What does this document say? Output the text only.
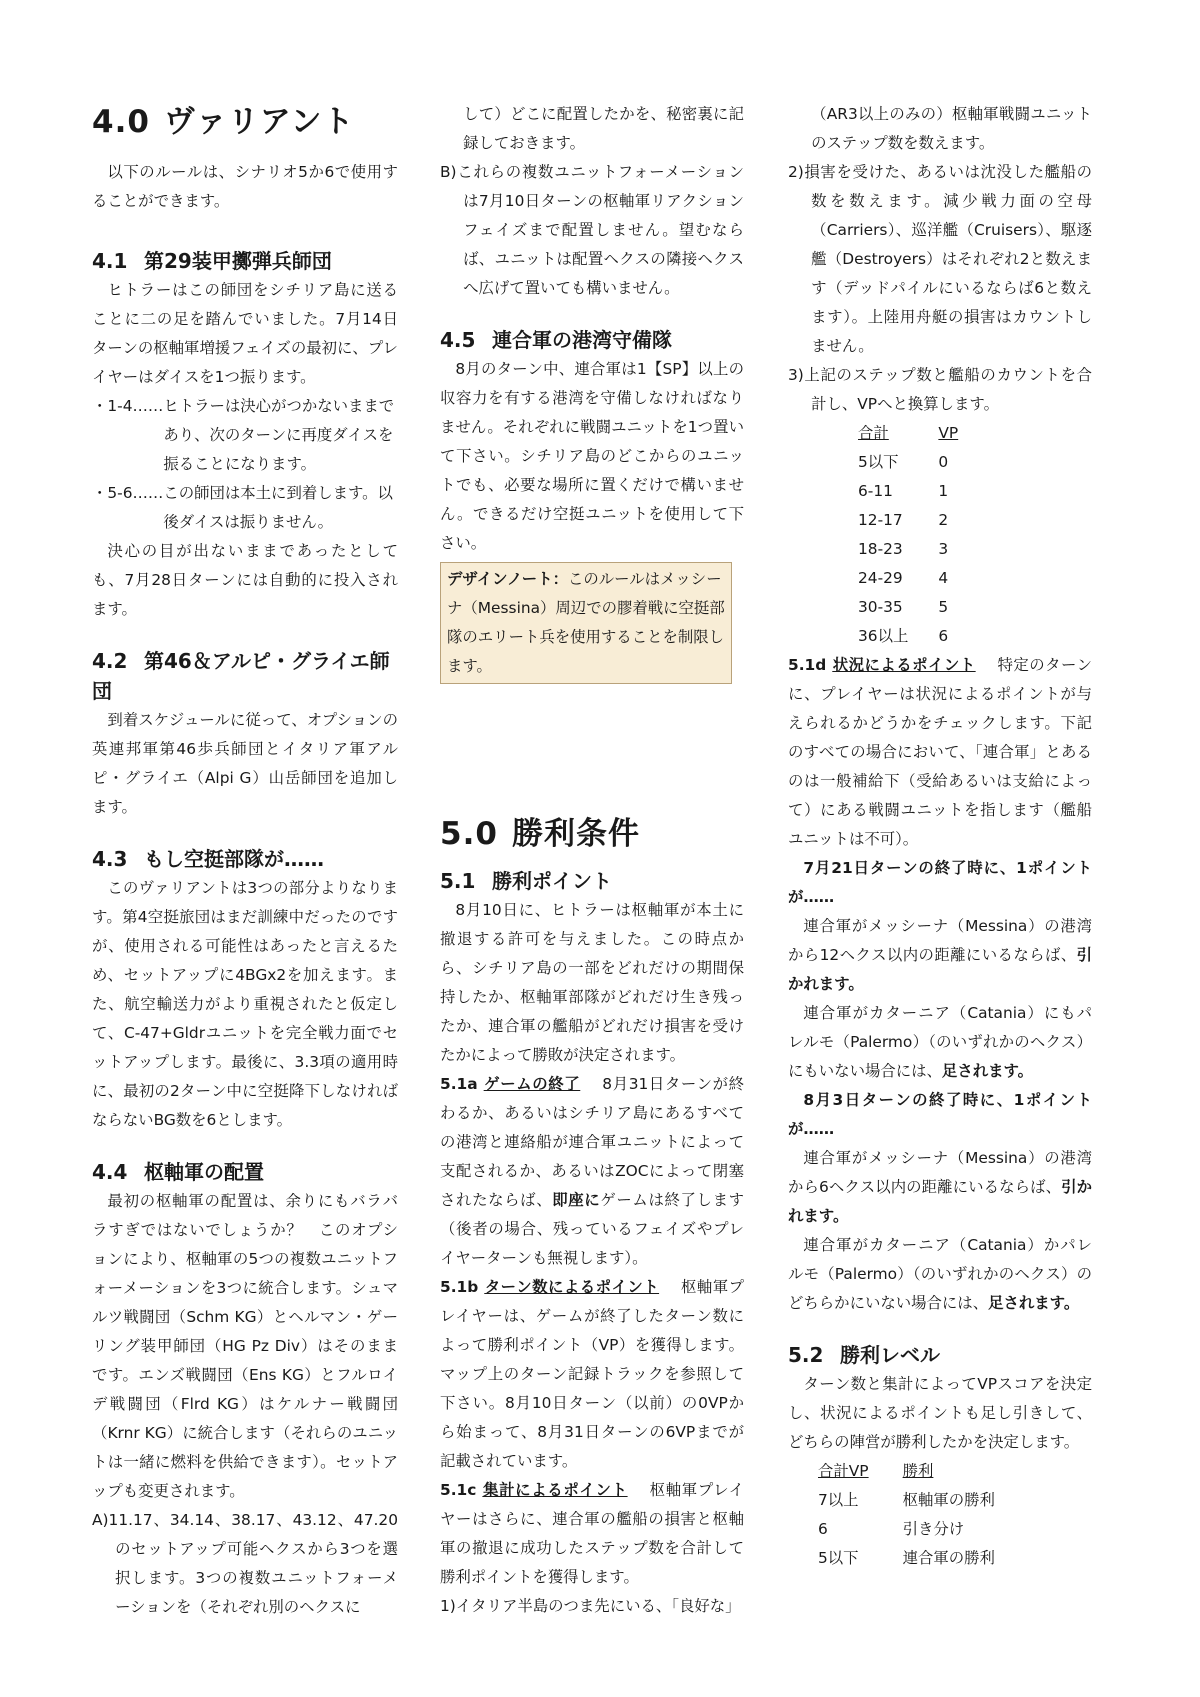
4.0 ヴァリアント

以下のルールは、シナリオ5か6で使用することができます。

4.1 第29装甲擲弾兵師団

ヒトラーはこの師団をシチリア島に送ることに二の足を踏んでいました。7月14日ターンの枢軸軍増援フェイズの最初に、プレイヤーはダイスを1つ振ります。

・1-4…… ヒトラーは決心がつかないままであり、次のターンに再度ダイスを振ることになります。
・5-6…… この師団は本土に到着します。以後ダイスは振りません。

決心の目が出ないままであったとしても、7月28日ターンには自動的に投入されます。

4.2 第46＆アルピ・グライエ師団

到着スケジュールに従って、オプションの英連邦軍第46歩兵師団とイタリア軍アルピ・グライエ（Alpi G）山岳師団を追加します。

4.3 もし空挺部隊が……

このヴァリアントは3つの部分よりなります。第4空挺旅団はまだ訓練中だったのですが、使用される可能性はあったと言えるため、セットアップに4BGx2を加えます。また、航空輸送力がより重視されたと仮定して、C-47+Gldrユニットを完全戦力面でセットアップします。最後に、3.3項の適用時に、最初の2ターン中に空挺降下しなければならないBG数を6とします。

4.4 枢軸軍の配置

最初の枢軸軍の配置は、余りにもバラバラすぎではないでしょうか？　このオプションにより、枢軸軍の5つの複数ユニットフォーメーションを3つに統合します。シュマルツ戦闘団（Schm KG）とヘルマン・ゲーリング装甲師団（HG Pz Div）はそのままです。エンズ戦闘団（Ens KG）とフルロイデ戦闘団（Flrd KG）はケルナー戦闘団（Krnr KG）に統合します（それらのユニットは一緒に燃料を供給できます）。セットアップも変更されます。

A)11.17、34.14、38.17、43.12、47.20のセットアップ可能ヘクスから3つを選択します。3つの複数ユニットフォーメーションを（それぞれ別のヘクスに

して）どこに配置したかを、秘密裏に記録しておきます。

B)これらの複数ユニットフォーメーションは7月10日ターンの枢軸軍リアクションフェイズまで配置しません。望むならば、ユニットは配置ヘクスの隣接ヘクスへ広げて置いても構いません。

4.5 連合軍の港湾守備隊

8月のターン中、連合軍は1【SP】以上の収容力を有する港湾を守備しなければなりません。それぞれに戦闘ユニットを1つ置いて下さい。シチリア島のどこからのユニットでも、必要な場所に置くだけで構いません。できるだけ空挺ユニットを使用して下さい。

デザインノート：このルールはメッシーナ（Messina）周辺での膠着戦に空挺部隊のエリート兵を使用することを制限します。
5.0 勝利条件
5.1 勝利ポイント

8月10日に、ヒトラーは枢軸軍が本土に撤退する許可を与えました。この時点から、シチリア島の一部をどれだけの期間保持したか、枢軸軍部隊がどれだけ生き残ったか、連合軍の艦船がどれだけ損害を受けたかによって勝敗が決定されます。

5.1a ゲームの終了　 8月31日ターンが終わるか、あるいはシチリア島にあるすべての港湾と連絡船が連合軍ユニットによって支配されるか、あるいはZOCによって閉塞されたならば、即座にゲームは終了します（後者の場合、残っているフェイズやプレイヤーターンも無視します）。

5.1b ターン数によるポイント　 枢軸軍プレイヤーは、ゲームが終了したターン数によって勝利ポイント（VP）を獲得します。マップ上のターン記録トラックを参照して下さい。8月10日ターン（以前）の0VPから始まって、8月31日ターンの6VPまでが記載されています。

5.1c 集計によるポイント　 枢軸軍プレイヤーはさらに、連合軍の艦船の損害と枢軸軍の撤退に成功したステップ数を合計して勝利ポイントを獲得します。

1)イタリア半島のつま先にいる、「良好な」

（AR3以上のみの）枢軸軍戦闘ユニットのステップ数を数えます。

2)損害を受けた、あるいは沈没した艦船の数を数えます。減少戦力面の空母（Carriers）、巡洋艦（Cruisers）、駆逐艦（Destroyers）はそれぞれ2と数えます（デッドパイルにいるならば6と数えます）。上陸用舟艇の損害はカウントしません。

3)上記のステップ数と艦船のカウントを合計し、VPへと換算します。

合計	VP
5以下	0
6-11	1
12-17	2
18-23	3
24-29	4
30-35	5
36以上	6

5.1d 状況によるポイント　 特定のターンに、プレイヤーは状況によるポイントが与えられるかどうかをチェックします。下記のすべての場合において、「連合軍」とあるのは一般補給下（受給あるいは支給によって）にある戦闘ユニットを指します（艦船ユニットは不可）。

7月21日ターンの終了時に、1ポイントが……

連合軍がメッシーナ（Messina）の港湾から12ヘクス以内の距離にいるならば、引かれます。

連合軍がカターニア（Catania）にもパレルモ（Palermo）（のいずれかのヘクス）にもいない場合には、足されます。

8月3日ターンの終了時に、1ポイントが……

連合軍がメッシーナ（Messina）の港湾から6ヘクス以内の距離にいるならば、引かれます。

連合軍がカターニア（Catania）かパレルモ（Palermo）（のいずれかのヘクス）のどちらかにいない場合には、足されます。

5.2 勝利レベル

ターン数と集計によってVPスコアを決定し、状況によるポイントも足し引きして、どちらの陣営が勝利したかを決定します。

合計VP	勝利
7以上	枢軸軍の勝利
6	引き分け
5以下	連合軍の勝利
